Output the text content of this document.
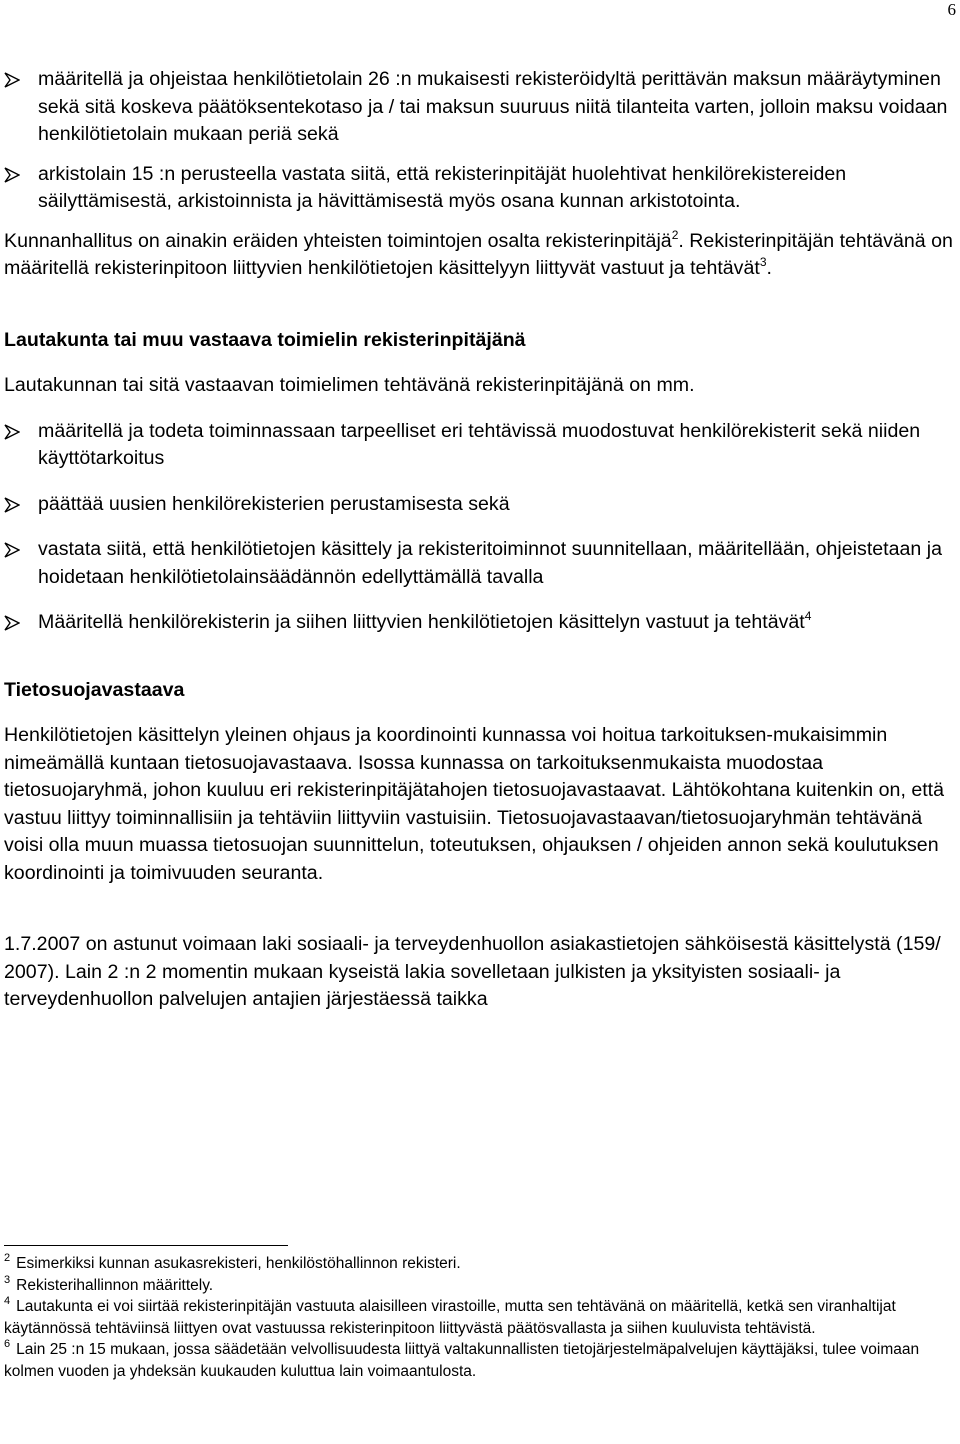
6
määritellä ja ohjeistaa henkilötietolain 26 :n mukaisesti rekisteröidyltä perittävän maksun määräytyminen sekä sitä koskeva päätöksentekotaso ja / tai maksun suuruus niitä tilanteita varten, jolloin maksu voidaan henkilötietolain mukaan periä sekä
arkistolain 15 :n perusteella vastata siitä, että rekisterinpitäjät huolehtivat henkilörekistereiden säilyttämisestä, arkistoinnista ja hävittämisestä myös osana kunnan arkistotointa.

Kunnanhallitus on ainakin eräiden yhteisten toimintojen osalta rekisterinpitäjä$^2$. Rekisterinpitäjän tehtävänä on määritellä rekisterinpitoon liittyvien henkilötietojen käsittelyyn liittyvät vastuut ja tehtävät$^3$.

Lautakunta tai muu vastaava toimielin rekisterinpitäjänä

Lautakunnan tai sitä vastaavan toimielimen tehtävänä rekisterinpitäjänä on mm.

määritellä ja todeta toiminnassaan tarpeelliset eri tehtävissä muodostuvat henkilörekisterit sekä niiden käyttötarkoitus
päättää uusien henkilörekisterien perustamisesta sekä
vastata siitä, että henkilötietojen käsittely ja rekisteritoiminnot suunnitellaan, määritellään, ohjeistetaan ja hoidetaan henkilötietolainsäädännön edellyttämällä tavalla
Määritellä henkilörekisterin ja siihen liittyvien henkilötietojen käsittelyn vastuut ja tehtävät$^4$
Tietosuojavastaava

Henkilötietojen käsittelyn yleinen ohjaus ja koordinointi kunnassa voi hoitua tarkoituksen-mukaisimmin nimeämällä kuntaan tietosuojavastaava. Isossa kunnassa on tarkoituksenmukaista muodostaa tietosuojaryhmä, johon kuuluu eri rekisterinpitäjätahojen tietosuojavastaavat. Lähtökohtana kuitenkin on, että vastuu liittyy toiminnallisiin ja tehtäviin liittyviin vastuisiin. Tietosuojavastaavan/tietosuojaryhmän tehtävänä voisi olla muun muassa tietosuojan suunnittelun, toteutuksen, ohjauksen / ohjeiden annon sekä koulutuksen koordinointi ja toimivuuden seuranta.

1.7.2007 on astunut voimaan laki sosiaali- ja terveydenhuollon asiakastietojen sähköisestä käsittelystä (159/ 2007). Lain 2 :n 2 momentin mukaan kyseistä lakia sovelletaan julkisten ja yksityisten sosiaali- ja terveydenhuollon palvelujen antajien järjestäessä taikka

$^2$ Esimerkiksi kunnan asukasrekisteri, henkilöstöhallinnon rekisteri.

$^3$ Rekisterihallinnon määrittely.

$^4$ Lautakunta ei voi siirtää rekisterinpitäjän vastuuta alaisilleen virastoille, mutta sen tehtävänä on määritellä, ketkä sen viranhaltijat käytännössä tehtäviinsä liittyen ovat vastuussa rekisterinpitoon liittyvästä päätösvallasta ja siihen kuuluvista tehtävistä.

$^6$ Lain 25 :n 15 mukaan, jossa säädetään velvollisuudesta liittyä valtakunnallisten tietojärjestelmäpalvelujen käyttäjäksi, tulee voimaan kolmen vuoden ja yhdeksän kuukauden kuluttua lain voimaantulosta.
